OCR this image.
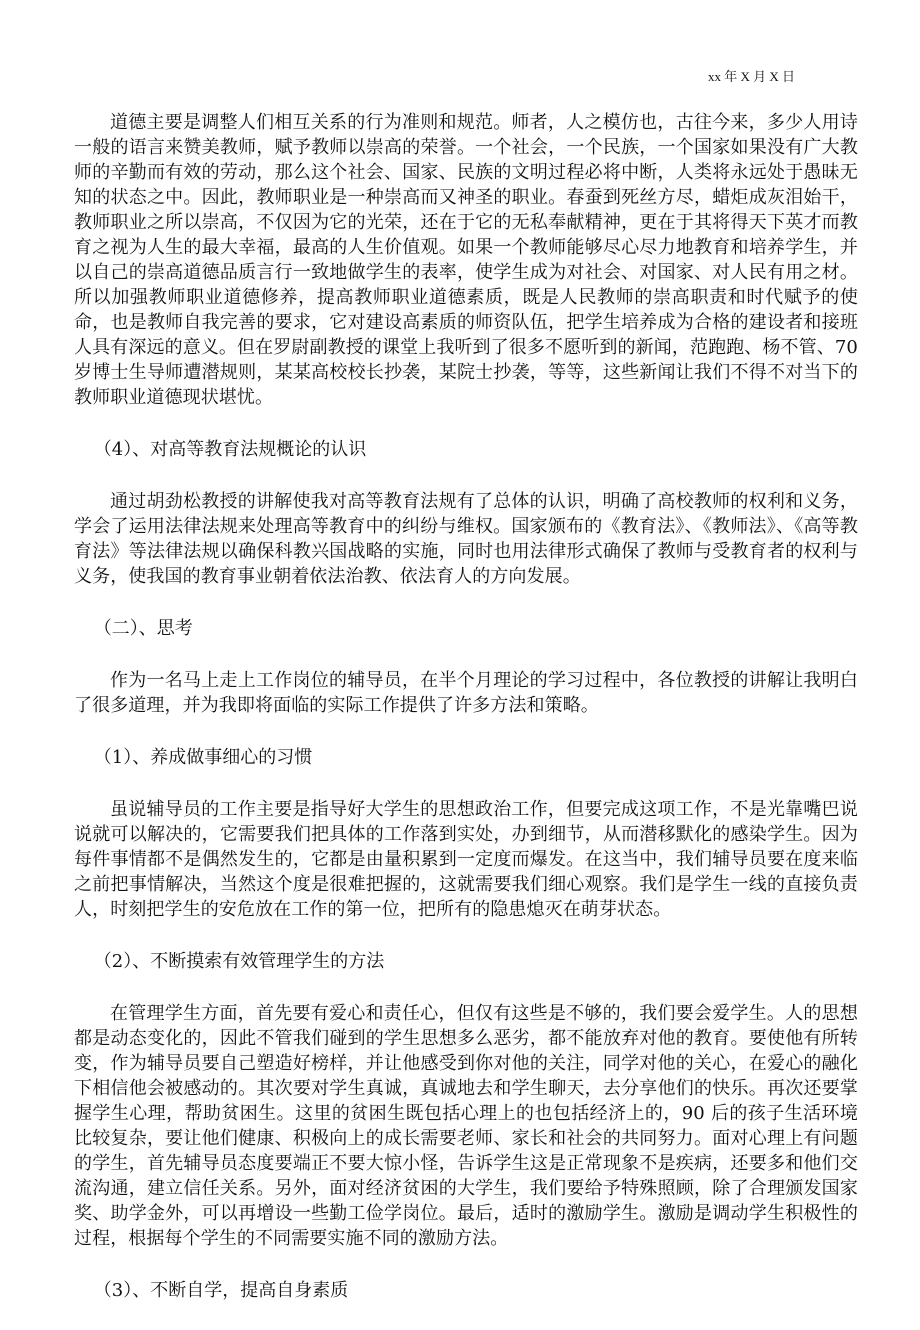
xx 年 X 月 X 日

道德主要是调整人们相互关系的行为准则和规范。师者，人之模仿也，古往今来，多少人用诗一般的语言来赞美教师，赋予教师以崇高的荣誉。一个社会，一个民族，一个国家如果没有广大教师的辛勤而有效的劳动，那么这个社会、国家、民族的文明过程必将中断，人类将永远处于愚昧无知的状态之中。因此，教师职业是一种崇高而又神圣的职业。春蚕到死丝方尽，蜡炬成灰泪始干，教师职业之所以崇高，不仅因为它的光荣，还在于它的无私奉献精神，更在于其将得天下英才而教育之视为人生的最大幸福，最高的人生价值观。如果一个教师能够尽心尽力地教育和培养学生，并以自己的崇高道德品质言行一致地做学生的表率，使学生成为对社会、对国家、对人民有用之材。所以加强教师职业道德修养，提高教师职业道德素质，既是人民教师的崇高职责和时代赋予的使命，也是教师自我完善的要求，它对建设高素质的师资队伍，把学生培养成为合格的建设者和接班人具有深远的意义。但在罗尉副教授的课堂上我听到了很多不愿听到的新闻，范跑跑、杨不管、70 岁博士生导师遭潜规则，某某高校校长抄袭，某院士抄袭，等等，这些新闻让我们不得不对当下的教师职业道德现状堪忧。

（4）、对高等教育法规概论的认识

通过胡劲松教授的讲解使我对高等教育法规有了总体的认识，明确了高校教师的权利和义务，学会了运用法律法规来处理高等教育中的纠纷与维权。国家颁布的《教育法》、《教师法》、《高等教育法》等法律法规以确保科教兴国战略的实施，同时也用法律形式确保了教师与受教育者的权利与义务，使我国的教育事业朝着依法治教、依法育人的方向发展。

（二）、思考

作为一名马上走上工作岗位的辅导员，在半个月理论的学习过程中，各位教授的讲解让我明白了很多道理，并为我即将面临的实际工作提供了许多方法和策略。

（1）、养成做事细心的习惯

虽说辅导员的工作主要是指导好大学生的思想政治工作，但要完成这项工作，不是光靠嘴巴说说就可以解决的，它需要我们把具体的工作落到实处，办到细节，从而潜移默化的感染学生。因为每件事情都不是偶然发生的，它都是由量积累到一定度而爆发。在这当中，我们辅导员要在度来临之前把事情解决，当然这个度是很难把握的，这就需要我们细心观察。我们是学生一线的直接负责人，时刻把学生的安危放在工作的第一位，把所有的隐患熄灭在萌芽状态。

（2）、不断摸索有效管理学生的方法

在管理学生方面，首先要有爱心和责任心，但仅有这些是不够的，我们要会爱学生。人的思想都是动态变化的，因此不管我们碰到的学生思想多么恶劣，都不能放弃对他的教育。要使他有所转变，作为辅导员要自己塑造好榜样，并让他感受到你对他的关注，同学对他的关心，在爱心的融化下相信他会被感动的。其次要对学生真诚，真诚地去和学生聊天，去分享他们的快乐。再次还要掌握学生心理，帮助贫困生。这里的贫困生既包括心理上的也包括经济上的，90 后的孩子生活环境比较复杂，要让他们健康、积极向上的成长需要老师、家长和社会的共同努力。面对心理上有问题的学生，首先辅导员态度要端正不要大惊小怪，告诉学生这是正常现象不是疾病，还要多和他们交流沟通，建立信任关系。另外，面对经济贫困的大学生，我们要给予特殊照顾，除了合理颁发国家奖、助学金外，可以再增设一些勤工俭学岗位。最后，适时的激励学生。激励是调动学生积极性的过程，根据每个学生的不同需要实施不同的激励方法。

（3）、不断自学，提高自身素质
